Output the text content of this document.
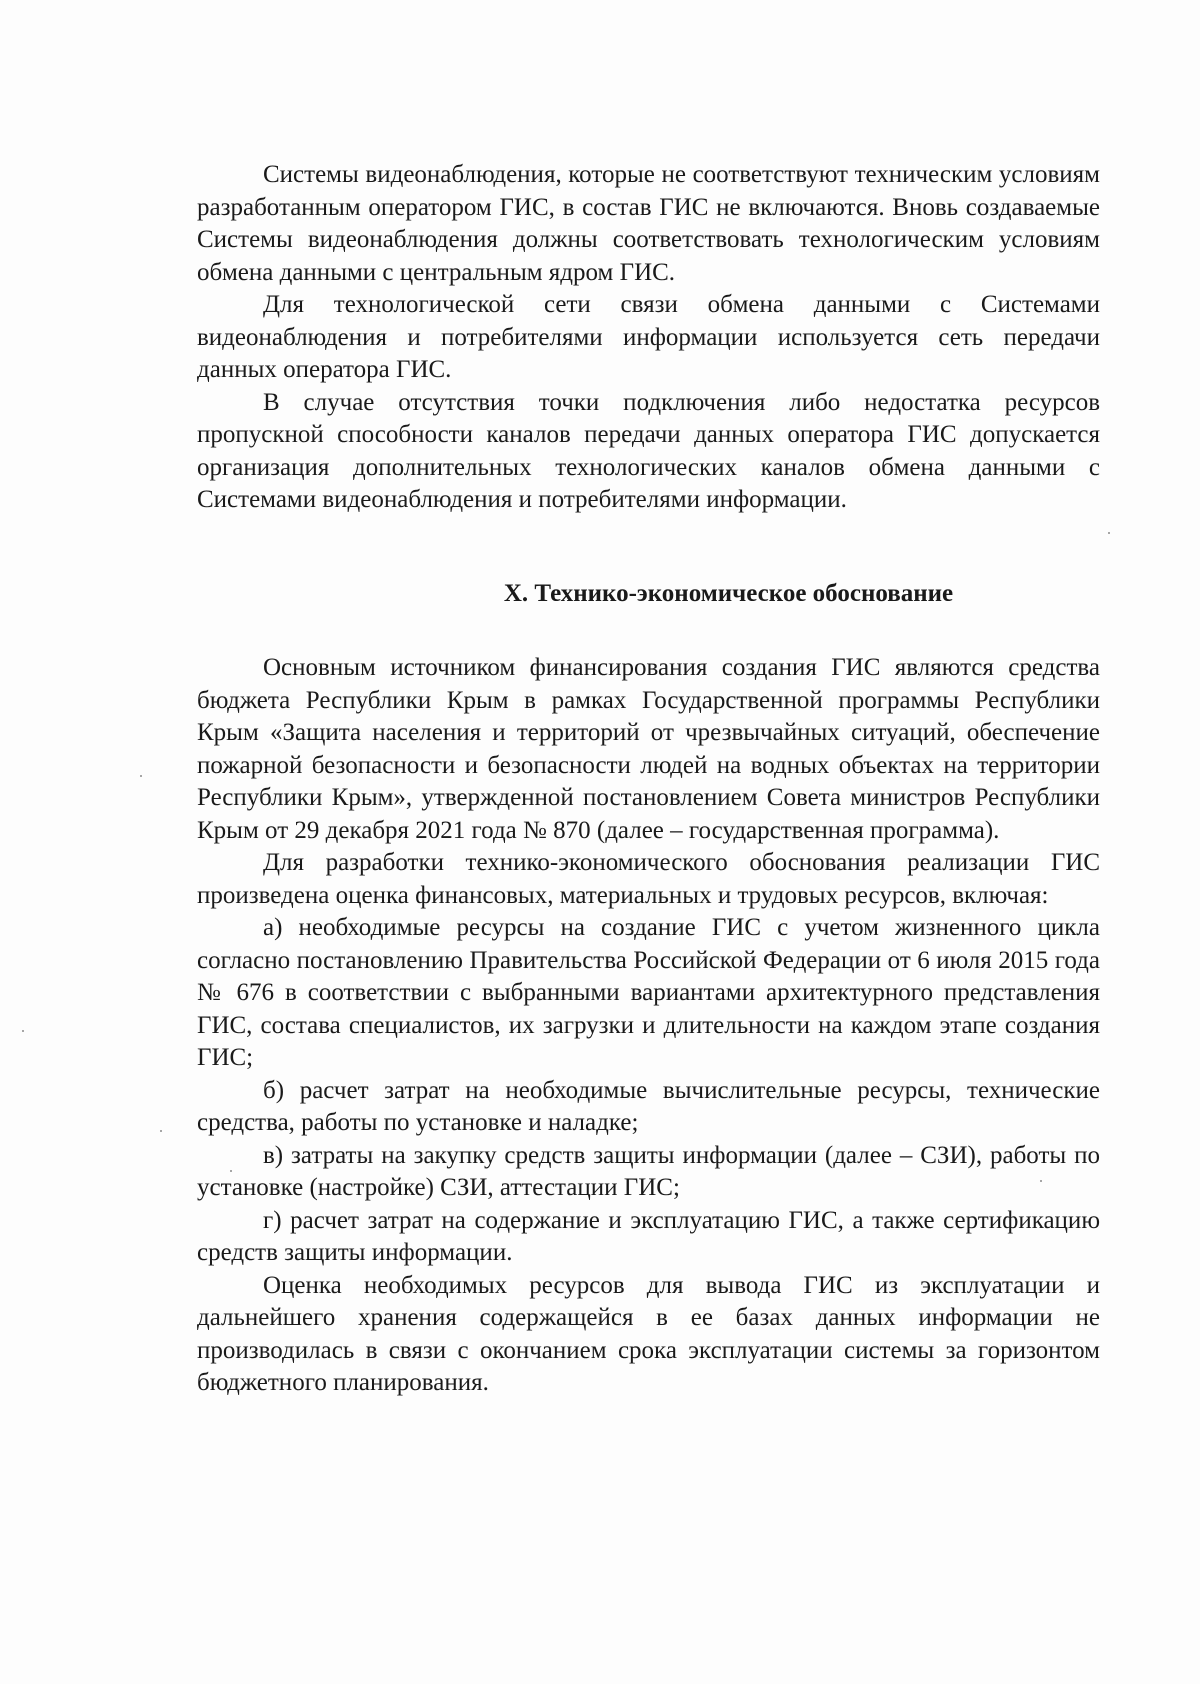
Системы видеонаблюдения, которые не соответствуют техническим условиям разработанным оператором ГИС, в состав ГИС не включаются. Вновь создаваемые Системы видеонаблюдения должны соответствовать технологическим условиям обмена данными с центральным ядром ГИС.

Для технологической сети связи обмена данными с Системами видеонаблюдения и потребителями информации используется сеть передачи данных оператора ГИС.

В случае отсутствия точки подключения либо недостатка ресурсов пропускной способности каналов передачи данных оператора ГИС допускается организация дополнительных технологических каналов обмена данными с Системами видеонаблюдения и потребителями информации.

X. Технико-экономическое обоснование

Основным источником финансирования создания ГИС являются средства бюджета Республики Крым в рамках Государственной программы Республики Крым «Защита населения и территорий от чрезвычайных ситуаций, обеспечение пожарной безопасности и безопасности людей на водных объектах на территории Республики Крым», утвержденной постановлением Совета министров Республики Крым от 29 декабря 2021 года № 870 (далее – государственная программа).

Для разработки технико-экономического обоснования реализации ГИС произведена оценка финансовых, материальных и трудовых ресурсов, включая:

а) необходимые ресурсы на создание ГИС с учетом жизненного цикла согласно постановлению Правительства Российской Федерации от 6 июля 2015 года № 676 в соответствии с выбранными вариантами архитектурного представления ГИС, состава специалистов, их загрузки и длительности на каждом этапе создания ГИС;

б) расчет затрат на необходимые вычислительные ресурсы, технические средства, работы по установке и наладке;

в) затраты на закупку средств защиты информации (далее – СЗИ), работы по установке (настройке) СЗИ, аттестации ГИС;

г) расчет затрат на содержание и эксплуатацию ГИС, а также сертификацию средств защиты информации.

Оценка необходимых ресурсов для вывода ГИС из эксплуатации и дальнейшего хранения содержащейся в ее базах данных информации не производилась в связи с окончанием срока эксплуатации системы за горизонтом бюджетного планирования.
